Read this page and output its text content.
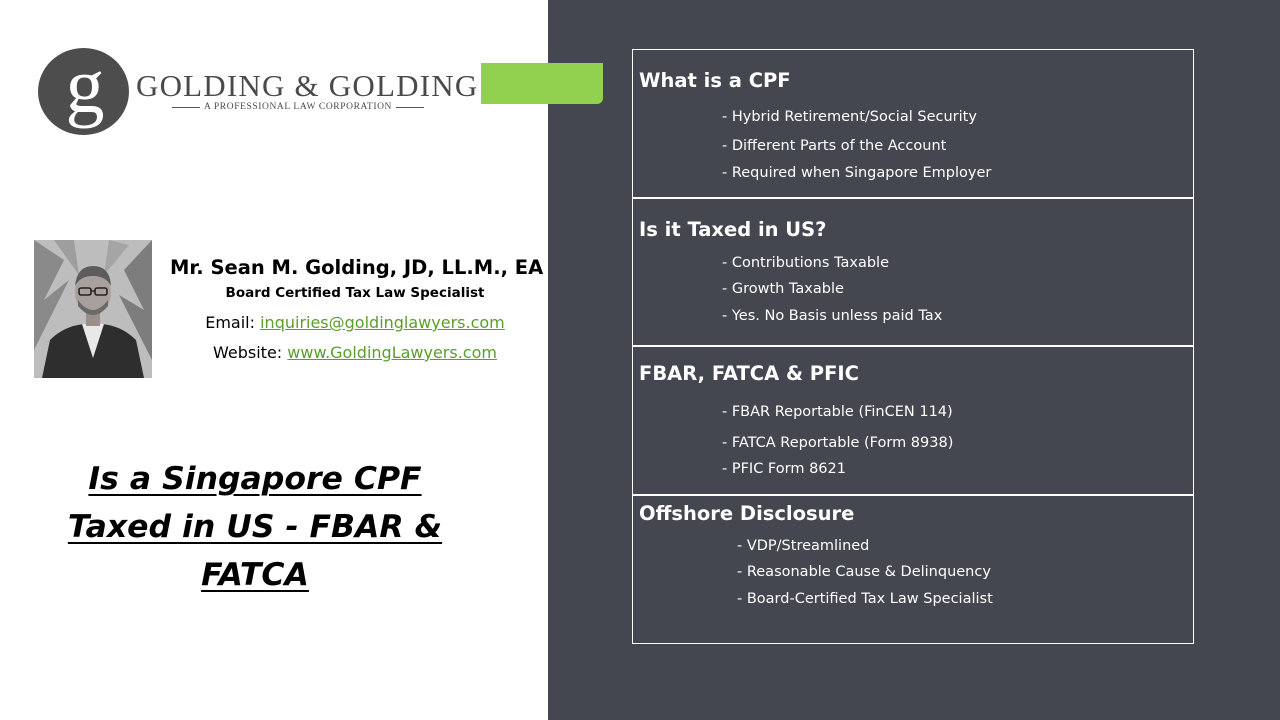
g GOLDING & GOLDING
A PROFESSIONAL LAW CORPORATION
Mr. Sean M. Golding, JD, LL.M., EA
Board Certified Tax Law Specialist
Email: inquiries@goldinglawyers.com
Website: www.GoldingLawyers.com
Is a Singapore CPF
Taxed in US - FBAR &
FATCA
What is a CPF
- Hybrid Retirement/Social Security
- Different Parts of the Account
- Required when Singapore Employer
Is it Taxed in US?
- Contributions Taxable
- Growth Taxable
- Yes. No Basis unless paid Tax
FBAR, FATCA & PFIC
- FBAR Reportable (FinCEN 114)
- FATCA Reportable (Form 8938)
- PFIC Form 8621
Offshore Disclosure
- VDP/Streamlined
- Reasonable Cause & Delinquency
- Board-Certified Tax Law Specialist
